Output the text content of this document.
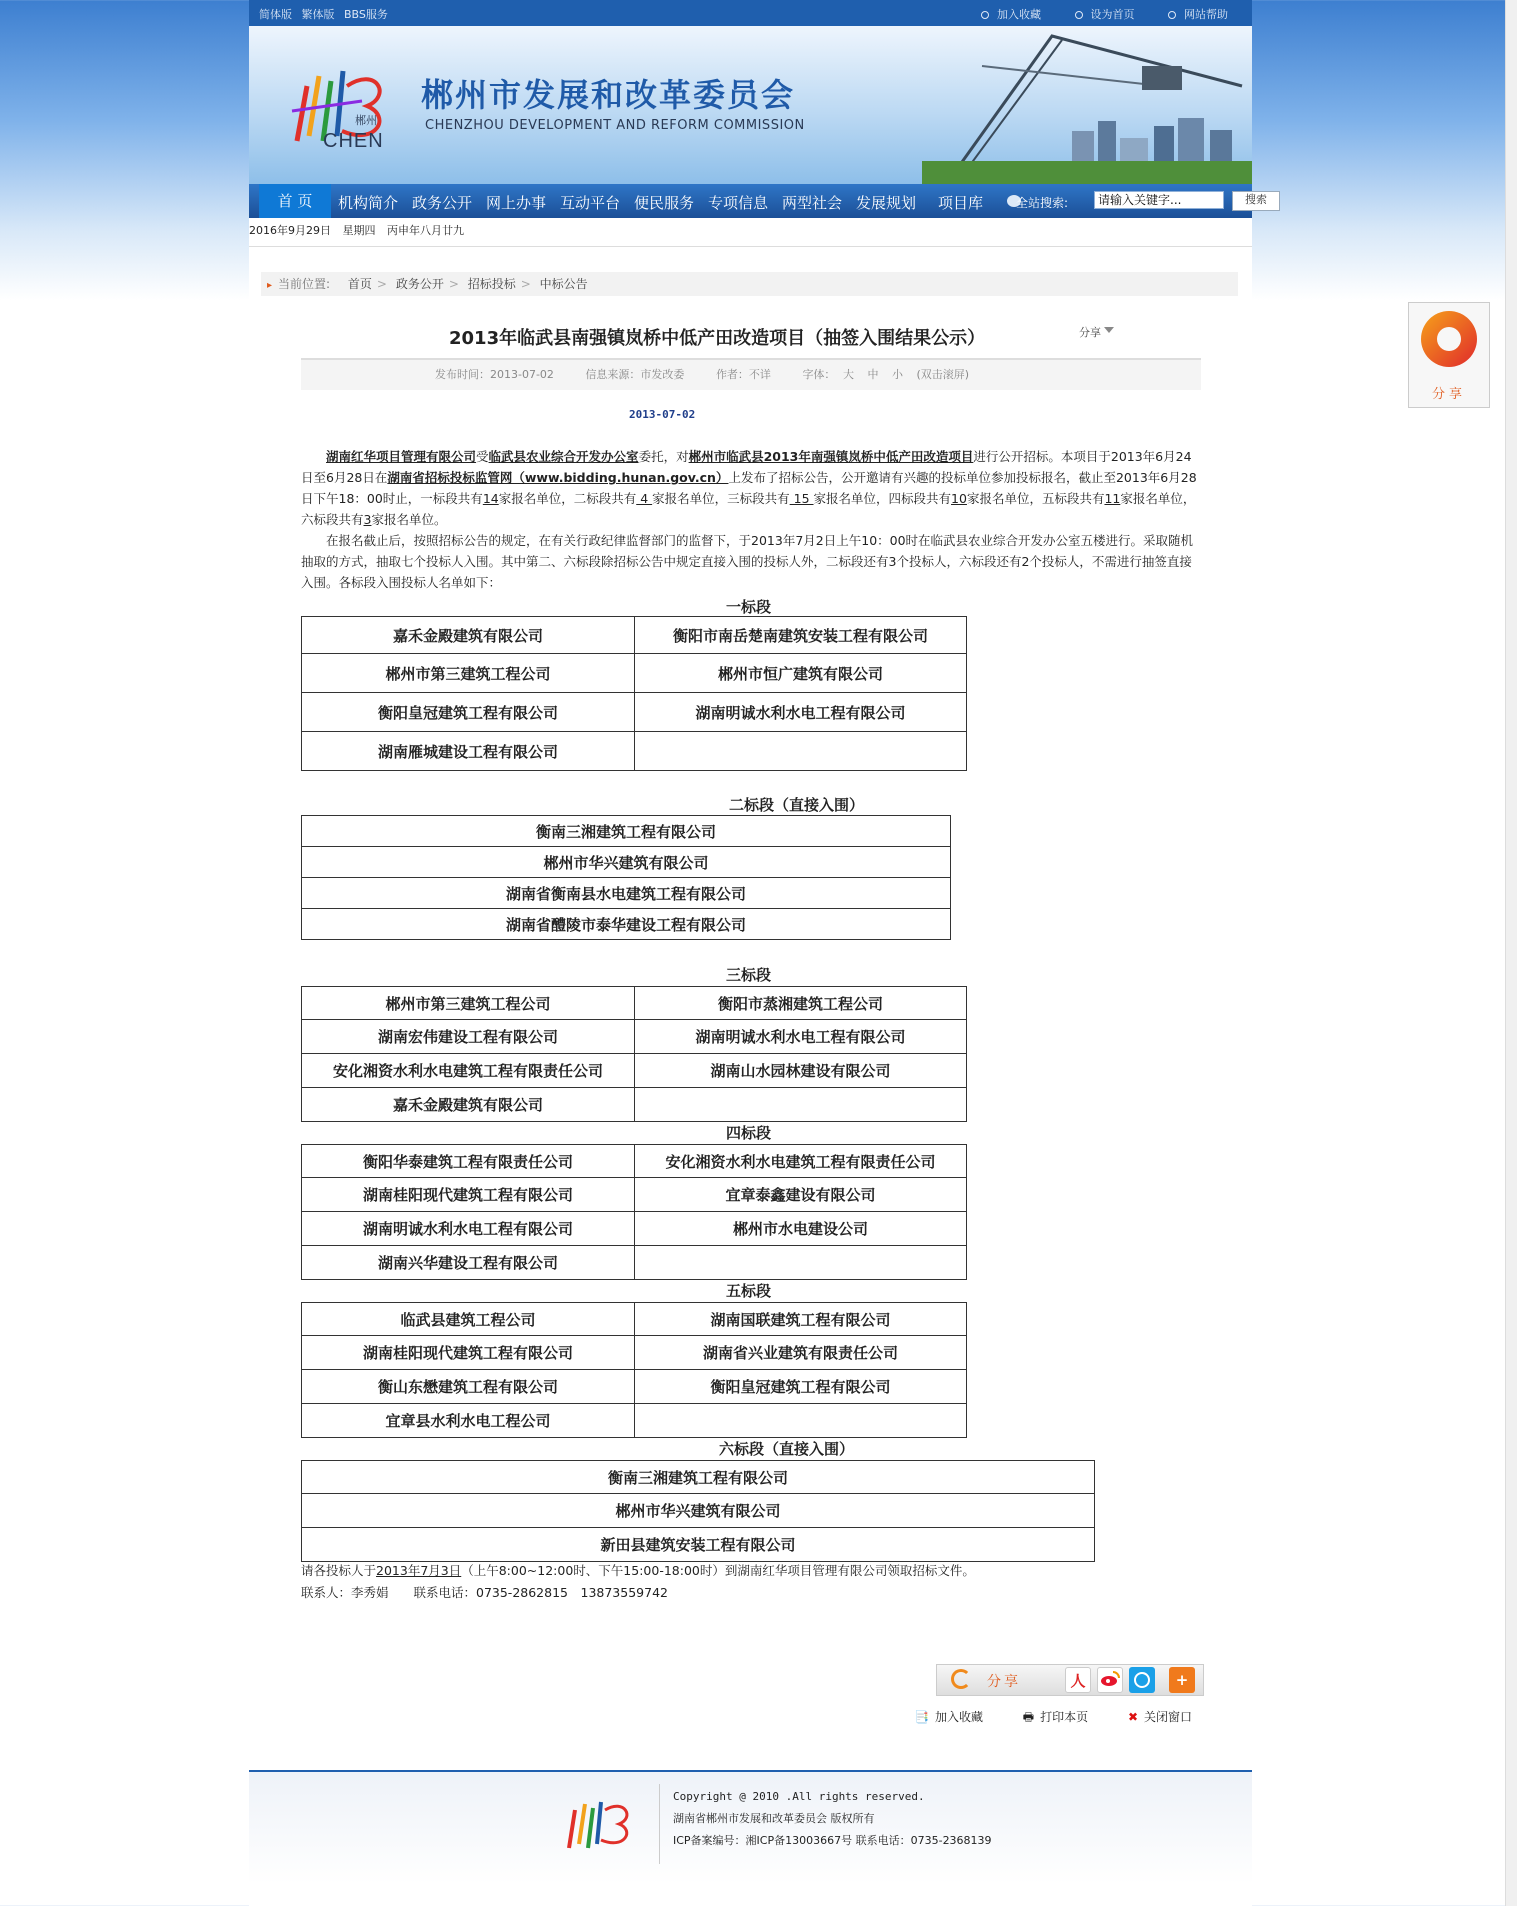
简体版 繁体版 BBS服务	加入收藏	设为首页	网站帮助
郴州
CHEN
郴州市发展和改革委员会
CHENZHOU DEVELOPMENT AND REFORM COMMISSION
首 页	机构简介 政务公开 网上办事 互动平台 便民服务 专项信息 两型社会 发展规划 项目库	全站搜索:	请输入关键字...	搜索
2016年9月29日 星期四 丙申年八月廿九
▸ 当前位置: 首页 > 政务公开 > 招标投标 > 中标公告
2013年临武县南强镇岚桥中低产田改造项目（抽签入围结果公示）	分享
发布时间：2013-07-02	信息来源：市发改委	作者：不详	字体： 大 中 小 (双击滚屏)
2013-07-02

　　湖南红华项目管理有限公司受临武县农业综合开发办公室委托，对郴州市临武县2013年南强镇岚桥中低产田改造项目进行公开招标。本项目于2013年6月24日至6月28日在湖南省招标投标监管网（www.bidding.hunan.gov.cn）上发布了招标公告，公开邀请有兴趣的投标单位参加投标报名，截止至2013年6月28日下午18：00时止，一标段共有14家报名单位，二标段共有 4 家报名单位，三标段共有 15 家报名单位，四标段共有10家报名单位，五标段共有11家报名单位，六标段共有3家报名单位。

　　在报名截止后，按照招标公告的规定，在有关行政纪律监督部门的监督下，于2013年7月2日上午10：00时在临武县农业综合开发办公室五楼进行。采取随机抽取的方式，抽取七个投标人入围。其中第二、六标段除招标公告中规定直接入围的投标人外，二标段还有3个投标人，六标段还有2个投标人，不需进行抽签直接入围。各标段入围投标人名单如下：

一标段
嘉禾金殿建筑有限公司	衡阳市南岳楚南建筑安装工程有限公司
郴州市第三建筑工程公司	郴州市恒广建筑有限公司
衡阳皇冠建筑工程有限公司	湖南明诚水利水电工程有限公司
湖南雁城建设工程有限公司	
二标段（直接入围）
衡南三湘建筑工程有限公司
郴州市华兴建筑有限公司
湖南省衡南县水电建筑工程有限公司
湖南省醴陵市泰华建设工程有限公司
三标段
郴州市第三建筑工程公司	衡阳市蒸湘建筑工程公司
湖南宏伟建设工程有限公司	湖南明诚水利水电工程有限公司
安化湘资水利水电建筑工程有限责任公司	湖南山水园林建设有限公司
嘉禾金殿建筑有限公司	
四标段
衡阳华泰建筑工程有限责任公司	安化湘资水利水电建筑工程有限责任公司
湖南桂阳现代建筑工程有限公司	宜章泰鑫建设有限公司
湖南明诚水利水电工程有限公司	郴州市水电建设公司
湖南兴华建设工程有限公司	
五标段
临武县建筑工程公司	湖南国联建筑工程有限公司
湖南桂阳现代建筑工程有限公司	湖南省兴业建筑有限责任公司
衡山东懋建筑工程有限公司	衡阳皇冠建筑工程有限公司
宜章县水利水电工程公司	
六标段（直接入围）
衡南三湘建筑工程有限公司
郴州市华兴建筑有限公司
新田县建筑安装工程有限公司
请各投标人于2013年7月3日（上午8:00~12:00时、下午15:00-18:00时）到湖南红华项目管理有限公司领取招标文件。
联系人：李秀娟　　联系电话：0735-2862815　13873559742
分享	人	+
📑 加入收藏	🖶 打印本页	✖ 关闭窗口
Copyright @ 2010 .All rights reserved.
湖南省郴州市发展和改革委员会 版权所有
ICP备案编号：湘ICP备13003667号 联系电话：0735-2368139
分享
